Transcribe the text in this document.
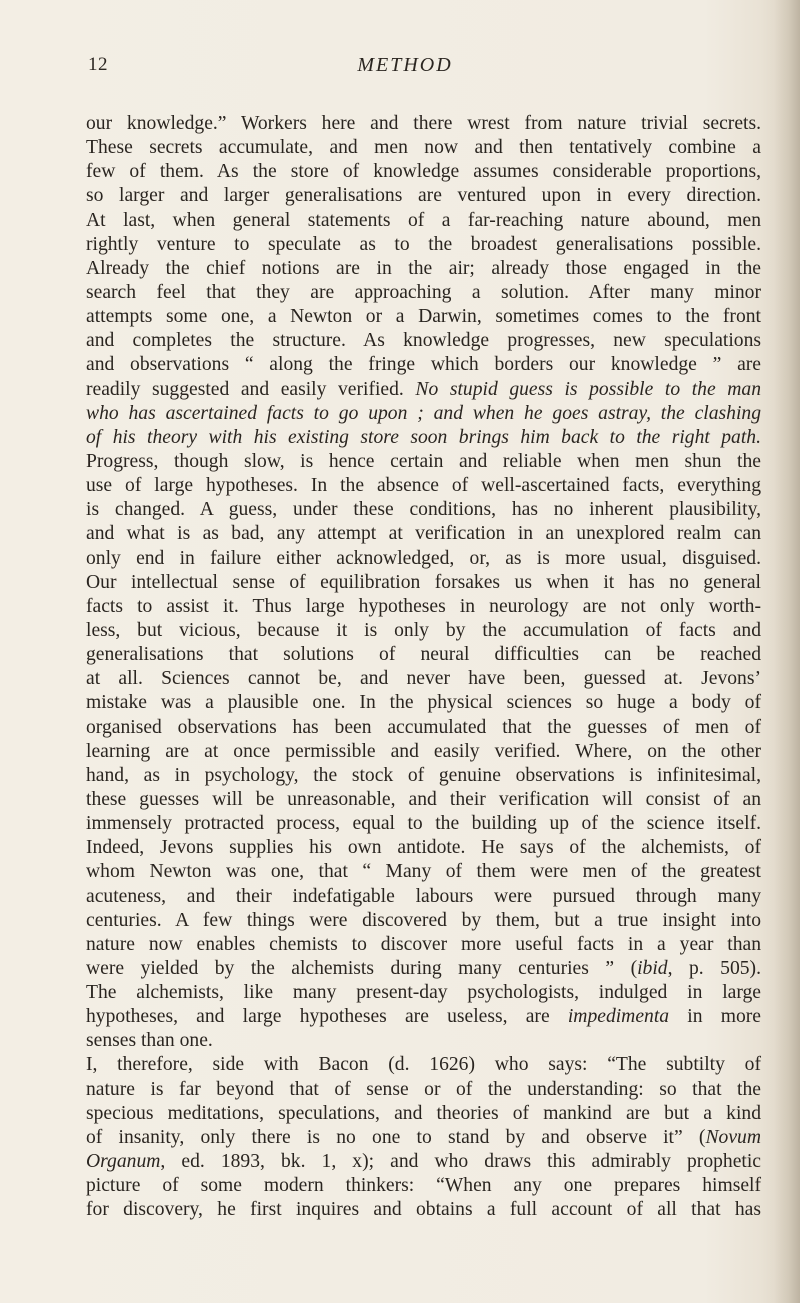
12	METHOD
our knowledge.” Workers here and there wrest from nature trivial secrets.
These secrets accumulate, and men now and then tentatively combine a
few of them. As the store of knowledge assumes considerable proportions,
so larger and larger generalisations are ventured upon in every direction.
At last, when general statements of a far-reaching nature abound, men
rightly venture to speculate as to the broadest generalisations possible.
Already the chief notions are in the air; already those engaged in the
search feel that they are approaching a solution. After many minor
attempts some one, a Newton or a Darwin, sometimes comes to the front
and completes the structure. As knowledge progresses, new speculations
and observations “ along the fringe which borders our knowledge ” are
readily suggested and easily verified. No stupid guess is possible to the man
who has ascertained facts to go upon ; and when he goes astray, the clashing
of his theory with his existing store soon brings him back to the right path.
Progress, though slow, is hence certain and reliable when men shun the
use of large hypotheses. In the absence of well-ascertained facts, everything
is changed. A guess, under these conditions, has no inherent plausibility,
and what is as bad, any attempt at verification in an unexplored realm can
only end in failure either acknowledged, or, as is more usual, disguised.
Our intellectual sense of equilibration forsakes us when it has no general
facts to assist it. Thus large hypotheses in neurology are not only worth-
less, but vicious, because it is only by the accumulation of facts and
generalisations that solutions of neural difficulties can be reached
at all. Sciences cannot be, and never have been, guessed at. Jevons’
mistake was a plausible one. In the physical sciences so huge a body of
organised observations has been accumulated that the guesses of men of
learning are at once permissible and easily verified. Where, on the other
hand, as in psychology, the stock of genuine observations is infinitesimal,
these guesses will be unreasonable, and their verification will consist of an
immensely protracted process, equal to the building up of the science itself.
Indeed, Jevons supplies his own antidote. He says of the alchemists, of
whom Newton was one, that “ Many of them were men of the greatest
acuteness, and their indefatigable labours were pursued through many
centuries. A few things were discovered by them, but a true insight into
nature now enables chemists to discover more useful facts in a year than
were yielded by the alchemists during many centuries ” (ibid, p. 505).
The alchemists, like many present-day psychologists, indulged in large
hypotheses, and large hypotheses are useless, are impedimenta in more
senses than one.
I, therefore, side with Bacon (d. 1626) who says: “The subtilty of
nature is far beyond that of sense or of the understanding: so that the
specious meditations, speculations, and theories of mankind are but a kind
of insanity, only there is no one to stand by and observe it” (Novum
Organum, ed. 1893, bk. 1, x); and who draws this admirably prophetic
picture of some modern thinkers: “When any one prepares himself
for discovery, he first inquires and obtains a full account of all that has
